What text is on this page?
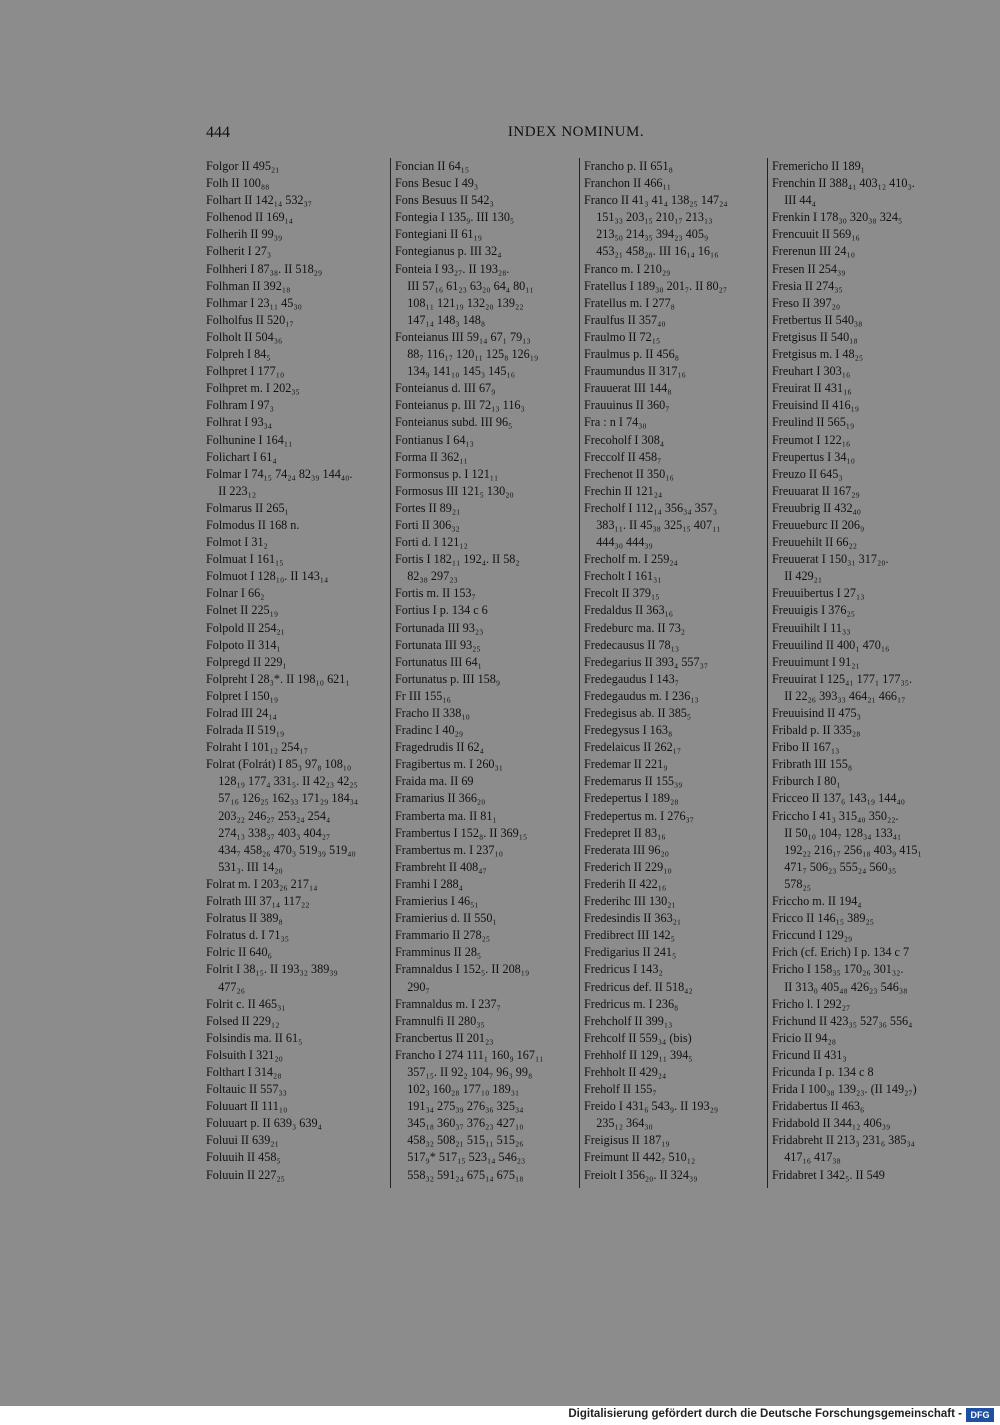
444	INDEX NOMINUM.
Folgor II 495₂₁
Folh II 100₈₈
Folhart II 142₁₄ 532₃₇
Folhenod II 169₁₄
Folherih II 99₃₉
Folherit I 27₃
Folhheri I 87₃₈. II 518₂₉
Folhman II 392₁₈
Folhmar I 23₁₁ 45₃₀
Folholfus II 520₁₇
Folholt II 504₃₆
Folpreh I 84₅
Folhpret I 177₁₀
Folhpret m. I 202₃₅
Folhram I 97₃
Folhrat I 93₃₄
Folhunine I 164₁₁
Folichart I 61₄
Folmar I 74₁₅ 74₂₄ 82₃₉ 144₄₀.
II 223₁₂
Folmarus II 265₁
Folmodus II 168 n.
Folmot I 31₂
Folmuat I 161₁₅
Folmuot I 128₁₀. II 143₁₄
Folnar I 66₂
Folnet II 225₁₉
Folpold II 254₂₁
Folpoto II 314₁
Folpregd II 229₁
Folpreht I 28₃*. II 198₁₀ 621₁
Folpret I 150₁₉
Folrad III 24₁₄
Folrada II 519₁₉
Folraht I 101₁₂ 254₁₇
Folrat (Folrát) I 85₃ 97₈ 108₁₀
128₁₉ 177₄ 331₅. II 42₂₃ 42₂₅
57₁₆ 126₂₅ 162₃₃ 171₂₉ 184₃₄
203₂₂ 246₂₇ 253₂₄ 254₄
274₁₃ 338₃₇ 403₃ 404₂₇
434₇ 458₂₆ 470₃ 519₃₉ 519₄₀
531₃. III 14₂₀
Folrat m. I 203₂₆ 217₁₄
Folrath III 37₁₄ 117₂₂
Folratus II 389₈
Folratus d. I 71₃₅
Folric II 640₆
Folrit I 38₁₅. II 193₃₂ 389₃₉
477₂₆
Folrit c. II 465₃₁
Folsed II 229₁₂
Folsindis ma. II 61₅
Folsuith I 321₂₀
Folthart I 314₂₈
Foltauic II 557₃₃
Foluuart II 111₁₀
Foluuart p. II 639₃ 639₄
Foluui II 639₂₁
Foluuih II 458₅
Foluuin II 227₂₅
Foncian II 64₁₅
Fons Besuc I 49₃
Fons Besuus II 542₃
Fontegia I 135₉. III 130₅
Fontegiani II 61₁₉
Fontegianus p. III 32₄
Fonteia I 93₂₇. II 193₂₈.
III 57₁₆ 61₂₃ 63₂₀ 64₄ 80₁₁
108₁₁ 121₁₉ 132₂₀ 139₂₂
147₁₄ 148₃ 148₈
Fonteianus III 59₁₄ 67₁ 79₁₃
88₇ 116₁₇ 120₁₁ 125₈ 126₁₉
134₉ 141₁₀ 145₃ 145₁₆
Fonteianus d. III 67₉
Fonteianus p. III 72₁₃ 116₃
Fonteianus subd. III 96₅
Fontianus I 64₁₃
Forma II 362₁₁
Formonsus p. I 121₁₁
Formosus III 121₅ 130₂₀
Fortes II 89₂₁
Forti II 306₃₂
Forti d. I 121₁₂
Fortis I 182₁₁ 192₄. II 58₂
82₃₈ 297₂₃
Fortis m. II 153₇
Fortius I p. 134 c 6
Fortunada III 93₂₃
Fortunata III 93₂₅
Fortunatus III 64₁
Fortunatus p. III 158₉
Fr III 155₁₆
Fracho II 338₁₀
Fradinc I 40₂₉
Fragedrudis II 62₄
Fragibertus m. I 260₃₁
Fraida ma. II 69
Framarius II 366₂₀
Framberta ma. II 81₁
Frambertus I 152₈. II 369₁₅
Frambertus m. I 237₁₀
Frambreht II 408₄₇
Framhi I 288₄
Framierius I 46₅₁
Framierius d. II 550₁
Frammario II 278₂₅
Framminus II 28₅
Framnaldus I 152₅. II 208₁₉
290₇
Framnaldus m. I 237₇
Framnulfi II 280₃₅
Francbertus II 201₂₃
Francho I 274 111₁ 160₉ 167₁₁
357₁₅. II 92₂ 104₇ 96₃ 99₈
102₃ 160₂₈ 177₁₀ 189₃₁
191₃₄ 275₃₉ 276₃₆ 325₃₄
345₁₈ 360₃₇ 376₂₃ 427₁₀
458₃₂ 508₂₁ 515₁₁ 515₂₆
517₉* 517₁₅ 523₁₄ 546₂₃
558₃₂ 591₂₄ 675₁₄ 675₁₈
Francho p. II 651₈
Franchon II 466₁₁
Franco II 41₃ 41₄ 138₂₅ 147₂₄
151₃₃ 203₁₅ 210₁₇ 213₁₃
213₅₀ 214₃₅ 394₂₃ 405₉
453₂₁ 458₂₈. III 16₁₄ 16₁₆
Franco m. I 210₂₉
Fratellus I 189₃₀ 201₇. II 80₂₇
Fratellus m. I 277₈
Fraulfus II 357₄₀
Fraulmo II 72₁₅
Fraulmus p. II 456₈
Fraumundus II 317₁₆
Frauuerat III 144₈
Frauuinus II 360₇
Fra : n I 74₃₀
Frecoholf I 308₄
Freccolf II 458₇
Frechenot II 350₁₆
Frechin II 121₂₄
Frecholf I 112₁₄ 356₃₄ 357₃
383₁₁. II 45₃₈ 325₁₅ 407₁₁
444₃₀ 444₃₉
Frecholf m. I 259₂₄
Frecholt I 161₃₁
Frecolt II 379₁₅
Fredaldus II 363₁₆
Fredeburc ma. II 73₂
Fredecausus II 78₁₃
Fredegarius II 393₄ 557₃₇
Fredegaudus I 143₇
Fredegaudus m. I 236₁₃
Fredegisus ab. II 385₅
Fredegysus I 163₈
Fredelaicus II 262₁₇
Fredemar II 221₉
Fredemarus II 155₃₉
Fredepertus I 189₂₈
Fredepertus m. I 276₃₇
Fredepret II 83₁₆
Frederata III 96₂₀
Frederich II 229₁₀
Frederih II 422₁₆
Frederihc III 130₂₁
Fredesindis II 363₂₁
Fredibrect III 142₅
Fredigarius II 241₅
Fredricus I 143₂
Fredricus def. II 518₄₂
Fredricus m. I 236₈
Frehcholf II 399₁₃
Frehcolf II 559₃₄ (bis)
Frehholf II 129₁₁ 394₅
Frehholt II 429₂₄
Freholf II 155₇
Freido I 431₆ 543₉. II 193₂₉
235₁₂ 364₃₀
Freigisus II 187₁₉
Freimunt II 442₇ 510₁₂
Freiolt I 356₂₀. II 324₃₉
Fremericho II 189₁
Frenchin II 388₄₁ 403₁₂ 410₃.
III 44₄
Frenkin I 178₃₀ 320₃₈ 324₅
Frencuuit II 569₁₆
Frerenun III 24₁₀
Fresen II 254₃₉
Fresia II 274₃₅
Freso II 397₂₀
Fretbertus II 540₃₈
Fretgisus II 540₁₈
Fretgisus m. I 48₂₅
Freuhart I 303₁₆
Freuirat II 431₁₆
Freuisind II 416₁₉
Freulind II 565₁₉
Freumot I 122₁₆
Freupertus I 34₁₀
Freuzo II 645₃
Freuuarat II 167₂₉
Freuubrig II 432₄₀
Freuueburc II 206₉
Freuuehilt II 66₂₂
Freuuerat I 150₃₁ 317₂₀.
II 429₂₁
Freuuibertus I 27₁₃
Freuuigis I 376₂₅
Freuuihilt I 11₃₃
Freuuilind II 400₁ 470₁₆
Freuuimunt I 91₂₁
Freuuirat I 125₄₁ 177₁ 177₃₅.
II 22₂₆ 393₃₃ 464₂₁ 466₁₇
Freuuisind II 475₃
Fribald p. II 335₂₈
Fribo II 167₁₃
Fribrath III 155₈
Friburch I 80₁
Fricceo II 137₆ 143₁₉ 144₄₀
Friccho I 41₃ 315₄₀ 350₂₂.
II 50₁₀ 104₇ 128₃₄ 133₄₁
192₂₂ 216₁₇ 256₁₈ 403₉ 415₁
471₇ 506₂₃ 555₂₄ 560₃₅
578₂₅
Friccho m. II 194₄
Fricco II 146₁₅ 389₂₅
Friccund I 129₂₉
Frich (cf. Erich) I p. 134 c 7
Fricho I 158₃₅ 170₂₆ 301₃₂.
II 313₀ 405₄₈ 426₂₃ 546₃₈
Fricho l. I 292₂₇
Frichund II 423₃₅ 527₃₆ 556₄
Fricio II 94₂₈
Fricund II 431₃
Fricunda I p. 134 c 8
Frida I 100₃₈ 139₂₃. (II 149₂₇)
Fridabertus II 463₆
Fridabold II 344₁₂ 406₃₉
Fridabreht II 213₃ 231₆ 385₃₄
417₁₆ 417₃₈
Fridabret I 342₅. II 549
Digitalisierung gefördert durch die Deutsche Forschungsgemeinschaft - DFG
